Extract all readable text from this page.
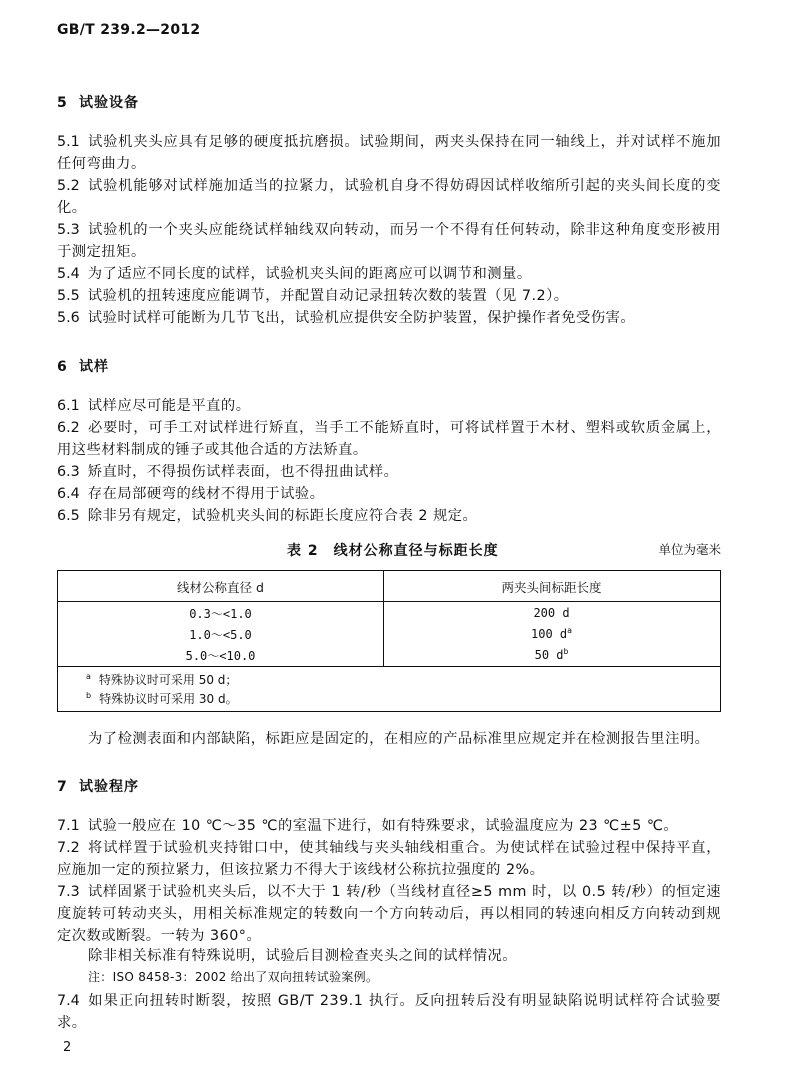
GB/T 239.2—2012
5 试验设备
5.1 试验机夹头应具有足够的硬度抵抗磨损。试验期间，两夹头保持在同一轴线上，并对试样不施加任何弯曲力。
5.2 试验机能够对试样施加适当的拉紧力，试验机自身不得妨碍因试样收缩所引起的夹头间长度的变化。
5.3 试验机的一个夹头应能绕试样轴线双向转动，而另一个不得有任何转动，除非这种角度变形被用于测定扭矩。
5.4 为了适应不同长度的试样，试验机夹头间的距离应可以调节和测量。
5.5 试验机的扭转速度应能调节，并配置自动记录扭转次数的装置（见 7.2）。
5.6 试验时试样可能断为几节飞出，试验机应提供安全防护装置，保护操作者免受伤害。
6 试样
6.1 试样应尽可能是平直的。
6.2 必要时，可手工对试样进行矫直，当手工不能矫直时，可将试样置于木材、塑料或软质金属上，用这些材料制成的锤子或其他合适的方法矫直。
6.3 矫直时，不得损伤试样表面，也不得扭曲试样。
6.4 存在局部硬弯的线材不得用于试验。
6.5 除非另有规定，试验机夹头间的标距长度应符合表 2 规定。
表 2　线材公称直径与标距长度	单位为毫米
线材公称直径 d	两夹头间标距长度
0.3～<1.0	200 d
1.0～<5.0	100 $d^a$
5.0～<10.0	50 $d^b$
$^a$ 特殊协议时可采用 50 d；
$^b$ 特殊协议时可采用 30 d。
为了检测表面和内部缺陷，标距应是固定的，在相应的产品标准里应规定并在检测报告里注明。
7 试验程序
7.1 试验一般应在 10 ℃～35 ℃的室温下进行，如有特殊要求，试验温度应为 23 ℃±5 ℃。
7.2 将试样置于试验机夹持钳口中，使其轴线与夹头轴线相重合。为使试样在试验过程中保持平直，应施加一定的预拉紧力，但该拉紧力不得大于该线材公称抗拉强度的 2%。
7.3 试样固紧于试验机夹头后，以不大于 1 转/秒（当线材直径≥5 mm 时，以 0.5 转/秒）的恒定速度旋转可转动夹头，用相关标准规定的转数向一个方向转动后，再以相同的转速向相反方向转动到规定次数或断裂。一转为 360°。
除非相关标准有特殊说明，试验后目测检查夹头之间的试样情况。
注：ISO 8458-3：2002 给出了双向扭转试验案例。
7.4 如果正向扭转时断裂，按照 GB/T 239.1 执行。反向扭转后没有明显缺陷说明试样符合试验要求。
2
